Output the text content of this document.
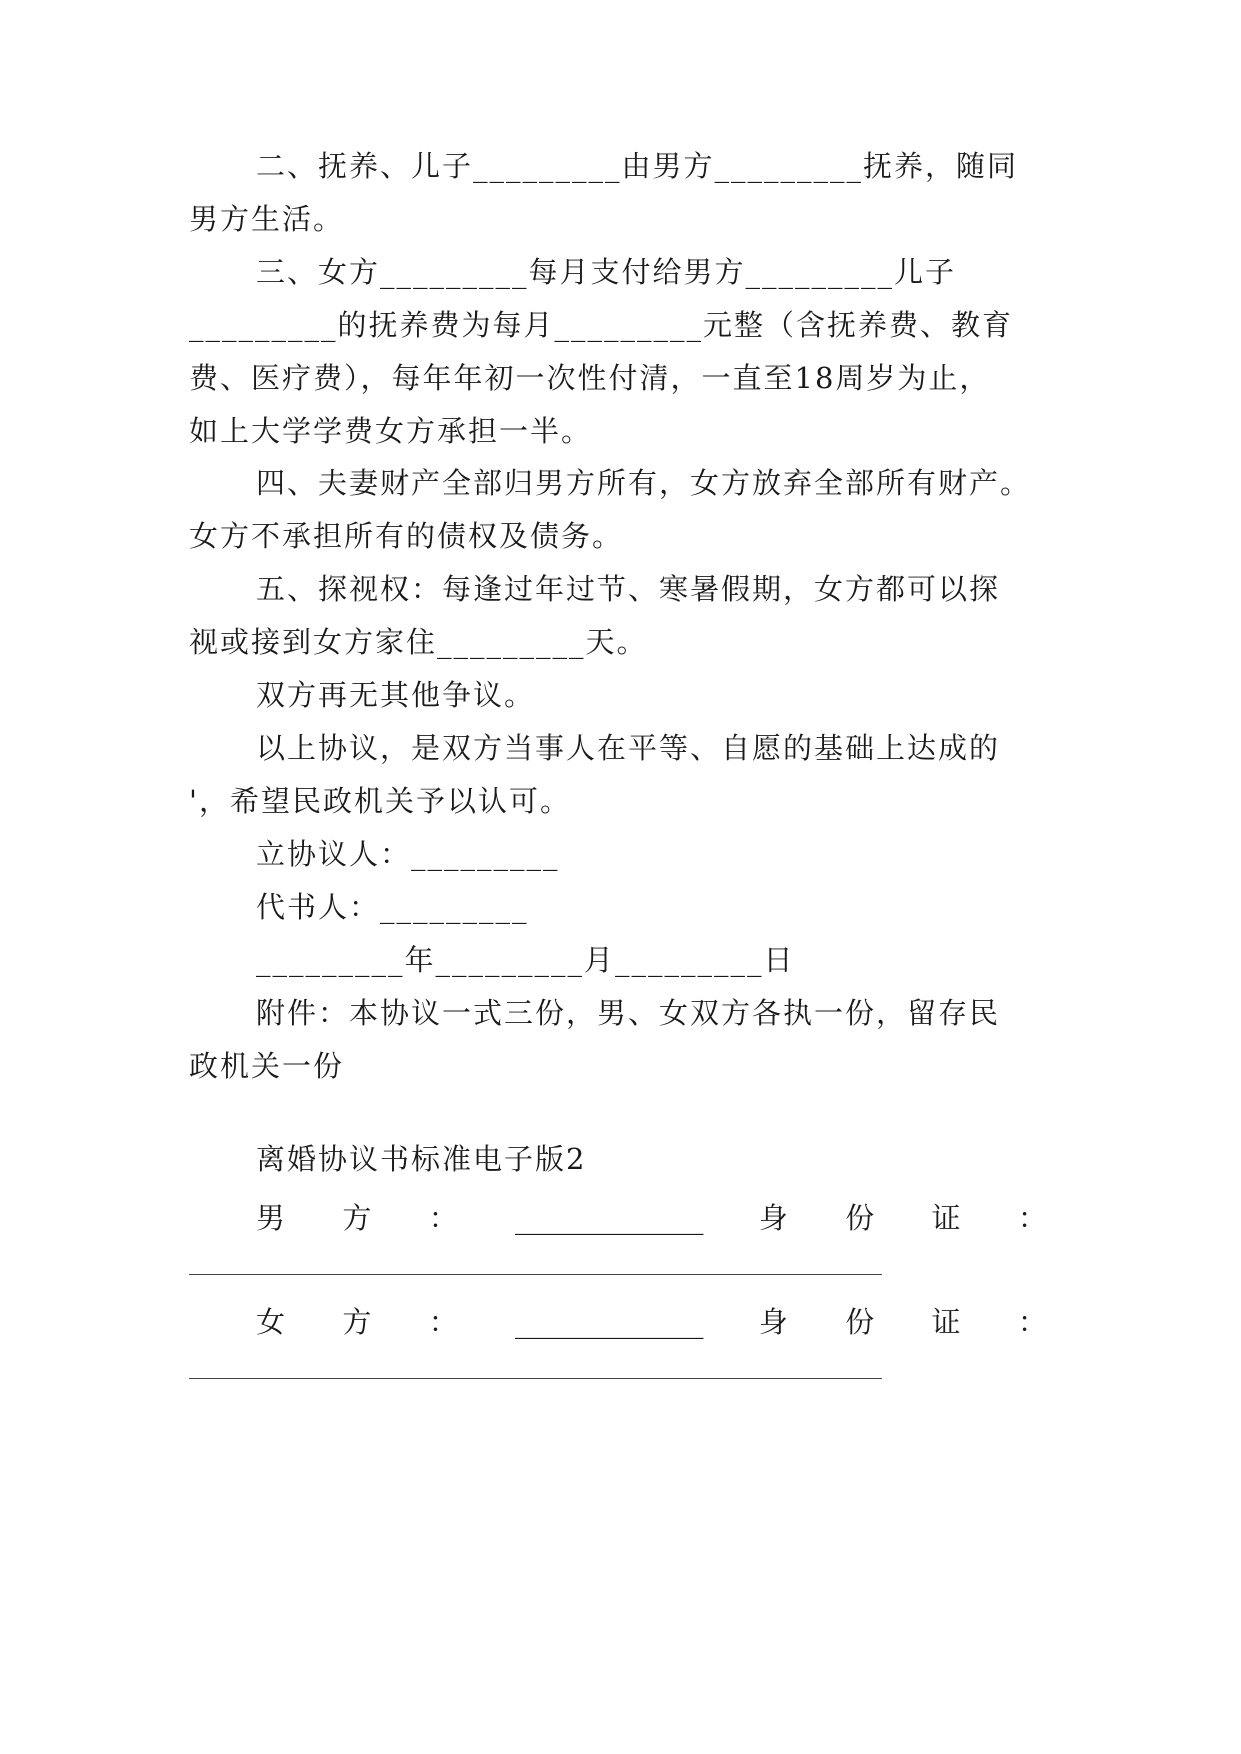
二、抚养、儿子_________由男方_________抚养，随同
男方生活。
三、女方_________每月支付给男方_________儿子
_________的抚养费为每月_________元整（含抚养费、教育
费、医疗费），每年年初一次性付清，一直至18周岁为止，
如上大学学费女方承担一半。
四、夫妻财产全部归男方所有，女方放弃全部所有财产。
女方不承担所有的债权及债务。
五、探视权：每逢过年过节、寒暑假期，女方都可以探
视或接到女方家住_________天。
双方再无其他争议。
以上协议，是双方当事人在平等、自愿的基础上达成的
'，希望民政机关予以认可。
立协议人：_________
代书人：_________
_________年_________月_________日
附件：本协议一式三份，男、女双方各执一份，留存民
政机关一份
离婚协议书标准电子版2
男 方 ： _____________ 身 份 证 ：
女 方 ： _____________ 身 份 证 ：
